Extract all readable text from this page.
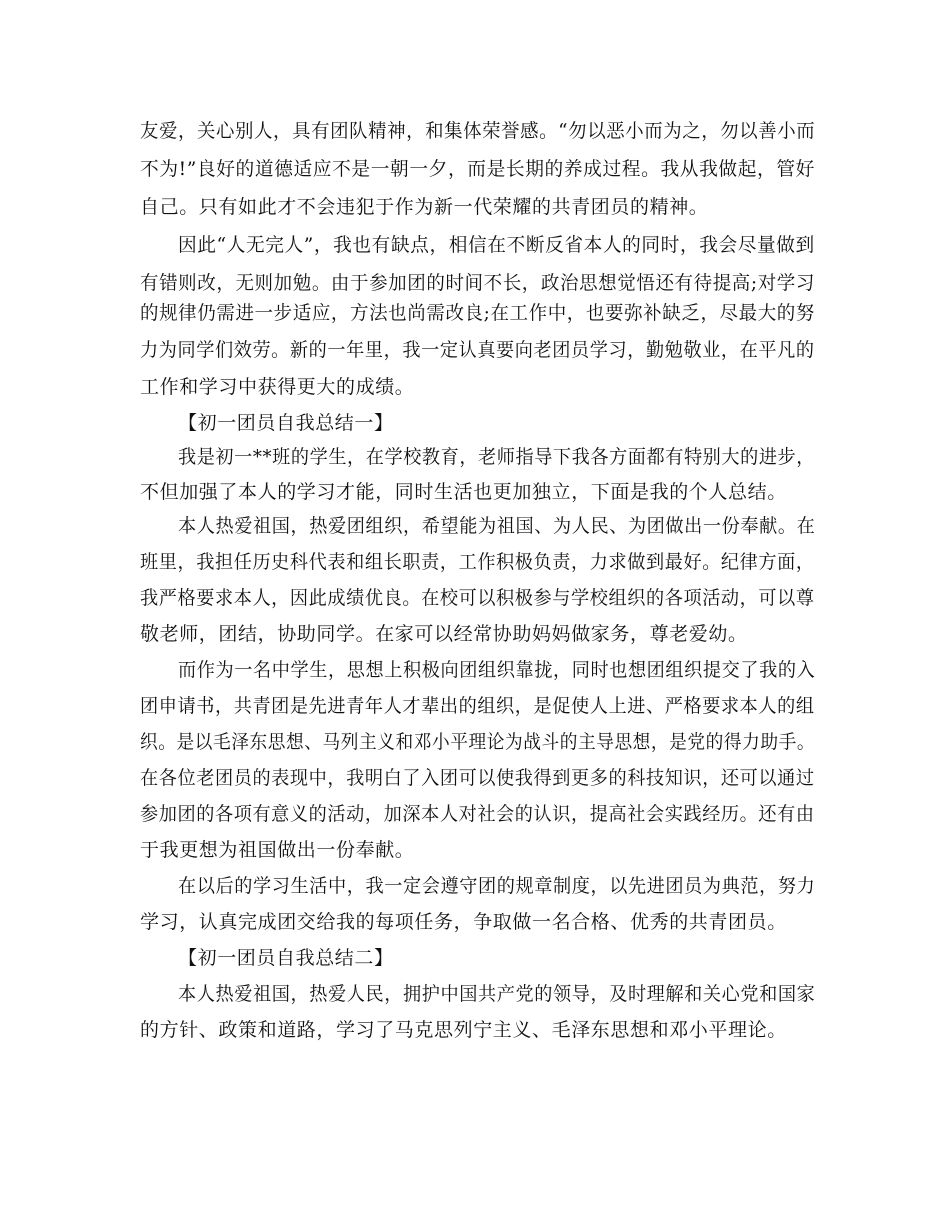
友爱，关心别人，具有团队精神，和集体荣誉感。“勿以恶小而为之，勿以善小而
不为!”良好的道德适应不是一朝一夕，而是长期的养成过程。我从我做起，管好
自己。只有如此才不会违犯于作为新一代荣耀的共青团员的精神。
因此“人无完人”，我也有缺点，相信在不断反省本人的同时，我会尽量做到
有错则改，无则加勉。由于参加团的时间不长，政治思想觉悟还有待提高;对学习
的规律仍需进一步适应，方法也尚需改良;在工作中，也要弥补缺乏，尽最大的努
力为同学们效劳。新的一年里，我一定认真要向老团员学习，勤勉敬业，在平凡的
工作和学习中获得更大的成绩。
【初一团员自我总结一】
我是初一**班的学生，在学校教育，老师指导下我各方面都有特别大的进步，
不但加强了本人的学习才能，同时生活也更加独立，下面是我的个人总结。
本人热爱祖国，热爱团组织，希望能为祖国、为人民、为团做出一份奉献。在
班里，我担任历史科代表和组长职责，工作积极负责，力求做到最好。纪律方面，
我严格要求本人，因此成绩优良。在校可以积极参与学校组织的各项活动，可以尊
敬老师，团结，协助同学。在家可以经常协助妈妈做家务，尊老爱幼。
而作为一名中学生，思想上积极向团组织靠拢，同时也想团组织提交了我的入
团申请书，共青团是先进青年人才辈出的组织，是促使人上进、严格要求本人的组
织。是以毛泽东思想、马列主义和邓小平理论为战斗的主导思想，是党的得力助手。
在各位老团员的表现中，我明白了入团可以使我得到更多的科技知识，还可以通过
参加团的各项有意义的活动，加深本人对社会的认识，提高社会实践经历。还有由
于我更想为祖国做出一份奉献。
在以后的学习生活中，我一定会遵守团的规章制度，以先进团员为典范，努力
学习，认真完成团交给我的每项任务，争取做一名合格、优秀的共青团员。
【初一团员自我总结二】
本人热爱祖国，热爱人民，拥护中国共产党的领导，及时理解和关心党和国家
的方针、政策和道路，学习了马克思列宁主义、毛泽东思想和邓小平理论。
